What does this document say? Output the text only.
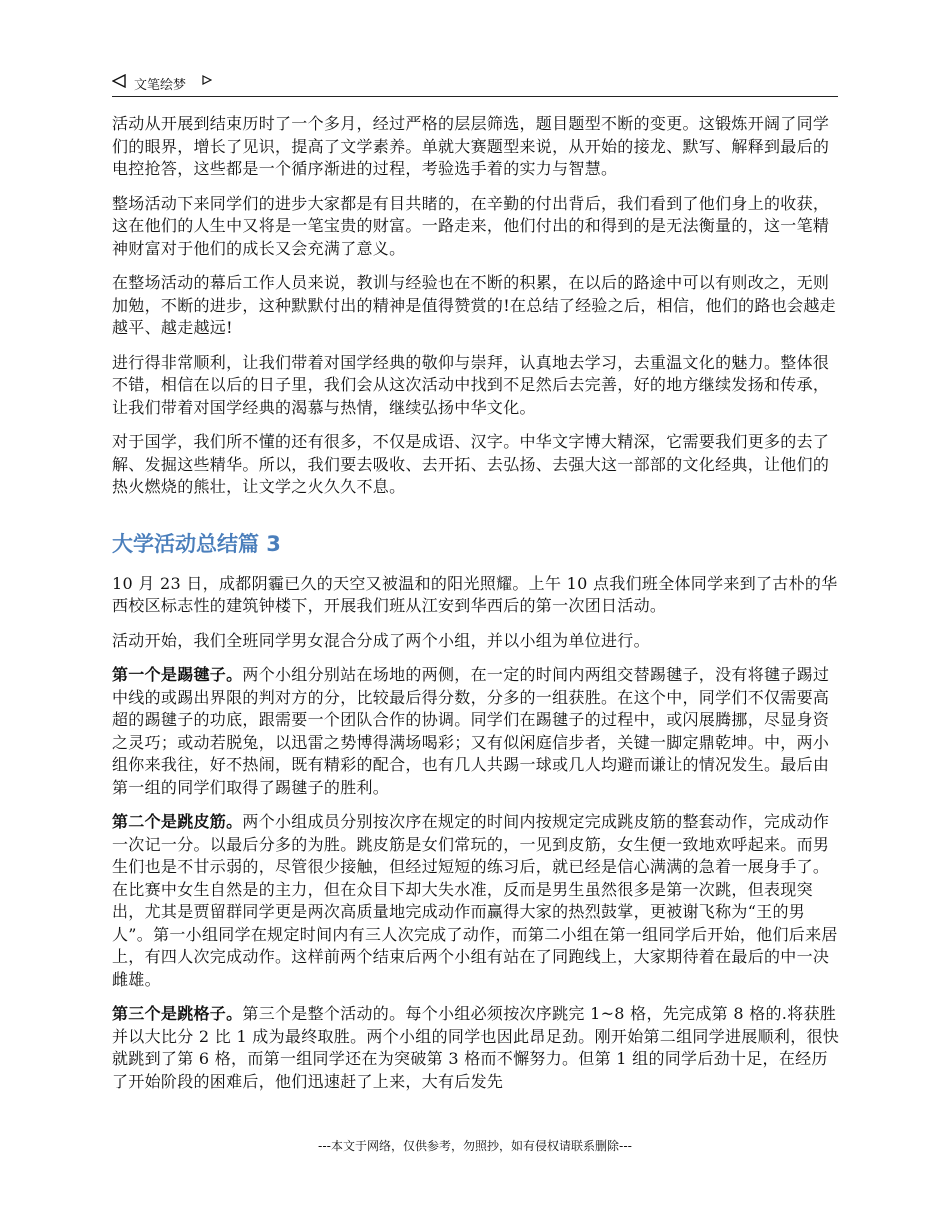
文笔绘梦

活动从开展到结束历时了一个多月，经过严格的层层筛选，题目题型不断的变更。这锻炼开阔了同学们的眼界，增长了见识，提高了文学素养。单就大赛题型来说，从开始的接龙、默写、解释到最后的电控抢答，这些都是一个循序渐进的过程，考验选手着的实力与智慧。

整场活动下来同学们的进步大家都是有目共睹的，在辛勤的付出背后，我们看到了他们身上的收获，这在他们的人生中又将是一笔宝贵的财富。一路走来，他们付出的和得到的是无法衡量的，这一笔精神财富对于他们的成长又会充满了意义。

在整场活动的幕后工作人员来说，教训与经验也在不断的积累，在以后的路途中可以有则改之，无则加勉，不断的进步，这种默默付出的精神是值得赞赏的!在总结了经验之后，相信，他们的路也会越走越平、越走越远!

进行得非常顺利，让我们带着对国学经典的敬仰与崇拜，认真地去学习，去重温文化的魅力。整体很不错，相信在以后的日子里，我们会从这次活动中找到不足然后去完善，好的地方继续发扬和传承，让我们带着对国学经典的渴慕与热情，继续弘扬中华文化。

对于国学，我们所不懂的还有很多，不仅是成语、汉字。中华文字博大精深，它需要我们更多的去了解、发掘这些精华。所以，我们要去吸收、去开拓、去弘扬、去强大这一部部的文化经典，让他们的热火燃烧的熊壮，让文学之火久久不息。

大学活动总结篇 3

10 月 23 日，成都阴霾已久的天空又被温和的阳光照耀。上午 10 点我们班全体同学来到了古朴的华西校区标志性的建筑钟楼下，开展我们班从江安到华西后的第一次团日活动。

活动开始，我们全班同学男女混合分成了两个小组，并以小组为单位进行。

第一个是踢毽子。两个小组分别站在场地的两侧，在一定的时间内两组交替踢毽子，没有将毽子踢过中线的或踢出界限的判对方的分，比较最后得分数，分多的一组获胜。在这个中，同学们不仅需要高超的踢毽子的功底，跟需要一个团队合作的协调。同学们在踢毽子的过程中，或闪展腾挪，尽显身资之灵巧；或动若脱兔，以迅雷之势博得满场喝彩；又有似闲庭信步者，关键一脚定鼎乾坤。中，两小组你来我往，好不热闹，既有精彩的配合，也有几人共踢一球或几人均避而谦让的情况发生。最后由第一组的同学们取得了踢毽子的胜利。

第二个是跳皮筋。两个小组成员分别按次序在规定的时间内按规定完成跳皮筋的整套动作，完成动作一次记一分。以最后分多的为胜。跳皮筋是女们常玩的，一见到皮筋，女生便一致地欢呼起来。而男生们也是不甘示弱的，尽管很少接触，但经过短短的练习后，就已经是信心满满的急着一展身手了。在比赛中女生自然是的主力，但在众目下却大失水准，反而是男生虽然很多是第一次跳，但表现突出，尤其是贾留群同学更是两次高质量地完成动作而赢得大家的热烈鼓掌，更被谢飞称为“王的男人”。第一小组同学在规定时间内有三人次完成了动作，而第二小组在第一组同学后开始，他们后来居上，有四人次完成动作。这样前两个结束后两个小组有站在了同跑线上，大家期待着在最后的中一决雌雄。

第三个是跳格子。第三个是整个活动的。每个小组必须按次序跳完 1~8 格，先完成第 8 格的.将获胜并以大比分 2 比 1 成为最终取胜。两个小组的同学也因此昂足劲。刚开始第二组同学进展顺利，很快就跳到了第 6 格，而第一组同学还在为突破第 3 格而不懈努力。但第 1 组的同学后劲十足，在经历了开始阶段的困难后，他们迅速赶了上来，大有后发先

---本文于网络，仅供参考，勿照抄，如有侵权请联系删除---
